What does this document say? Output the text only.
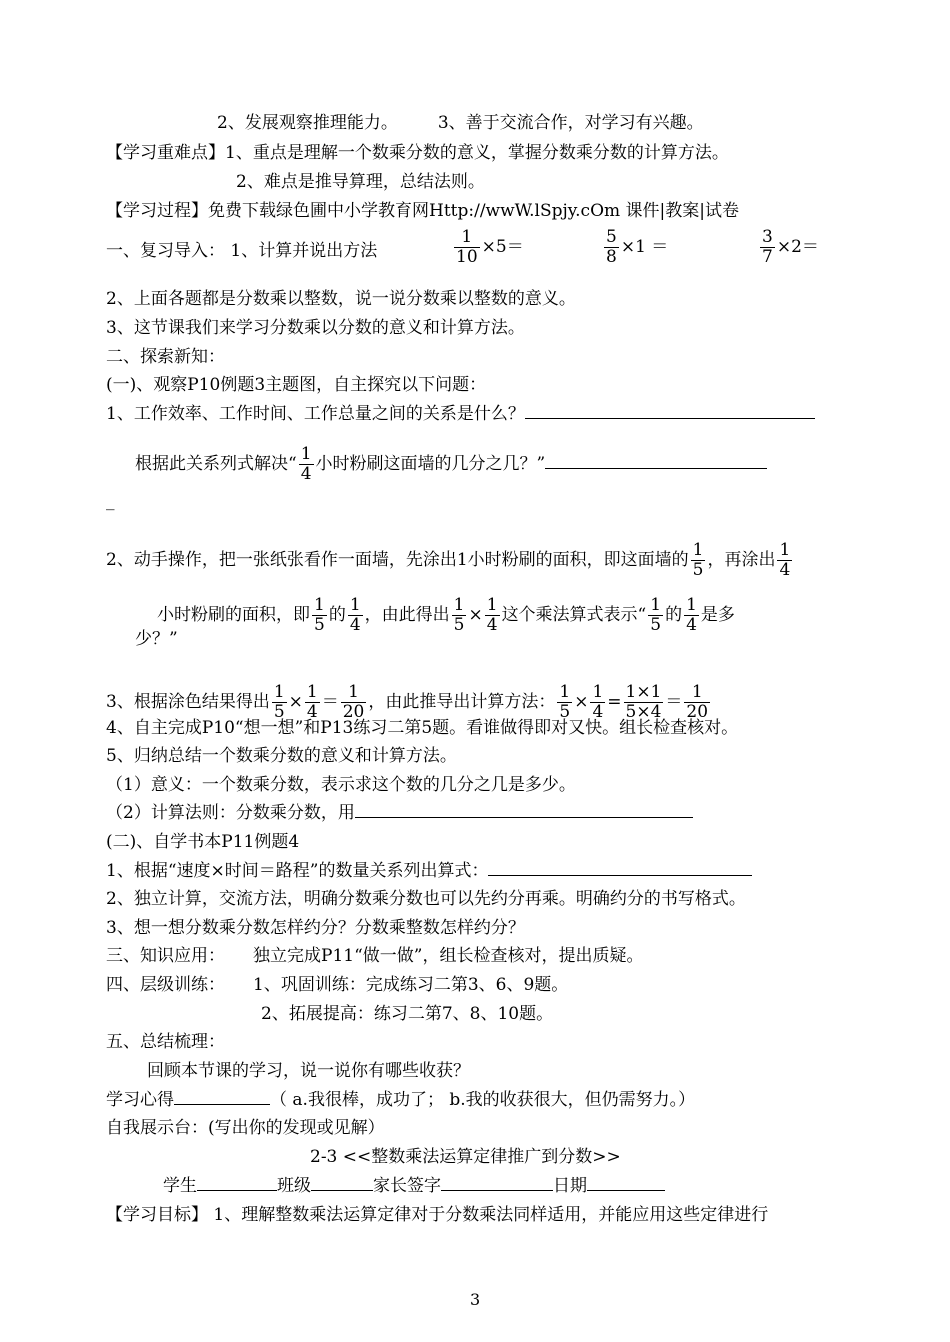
2、发展观察推理能力。 3、善于交流合作，对学习有兴趣。
【学习重难点】1、重点是理解一个数乘分数的意义，掌握分数乘分数的计算方法。
2、难点是推导算理，总结法则。
【学习过程】免费下载绿色圃中小学教育网Http://wwW.lSpjy.cOm 课件|教案|试卷
一、复习导入： 1、计算并说出方法	$\frac{1}{10} \times 5=$	$\frac{5}{8} \times 1$ ＝	$\frac{3}{7} \times 2=$
2、上面各题都是分数乘以整数，说一说分数乘以整数的意义。
3、这节课我们来学习分数乘以分数的意义和计算方法。
二、探索新知：
(一)、观察P10例题3主题图，自主探究以下问题：
1、工作效率、工作时间、工作总量之间的关系是什么？
根据此关系列式解决“ $\frac{1}{4}$ 小时粉刷这面墙的几分之几？”
_
2、动手操作，把一张纸张看作一面墙，先涂出1小时粉刷的面积，即这面墙的 $\frac{1}{5}$ ，再涂出 $\frac{1}{4}$
小时粉刷的面积，即 $\frac{1}{5}$ 的 $\frac{1}{4}$ ，由此得出 $\frac{1}{5} \times \frac{1}{4}$ 这个乘法算式表示“ $\frac{1}{5}$ 的 $\frac{1}{4}$ 是多
少？”
3、根据涂色结果得出 $\frac{1}{5} \times \frac{1}{4} = \frac{1}{20}$ ，由此推导出计算方法： $\frac{1}{5} \times \frac{1}{4} = \frac{1\times 1}{5\times 4} = \frac{1}{20}$
4、自主完成P10“想一想”和P13练习二第5题。看谁做得即对又快。组长检查核对。
5、归纳总结一个数乘分数的意义和计算方法。
（1）意义：一个数乘分数，表示求这个数的几分之几是多少。
（2）计算法则：分数乘分数，用
(二)、自学书本P11例题4
1、根据“速度×时间＝路程”的数量关系列出算式：
2、独立计算，交流方法，明确分数乘分数也可以先约分再乘。明确约分的书写格式。
3、想一想分数乘分数怎样约分？分数乘整数怎样约分？
三、知识应用： 独立完成P11“做一做”，组长检查核对，提出质疑。
四、层级训练： 1、巩固训练：完成练习二第3、6、9题。
2、拓展提高：练习二第7、8、10题。
五、总结梳理：
回顾本节课的学习，说一说你有哪些收获？
学习心得	（ a.我很棒，成功了； b.我的收获很大，但仍需努力。）
自我展示台：(写出你的发现或见解）
2-3 <<整数乘法运算定律推广到分数>>
学生	班级	家长签字	日期
【学习目标】 1、理解整数乘法运算定律对于分数乘法同样适用，并能应用这些定律进行
3
